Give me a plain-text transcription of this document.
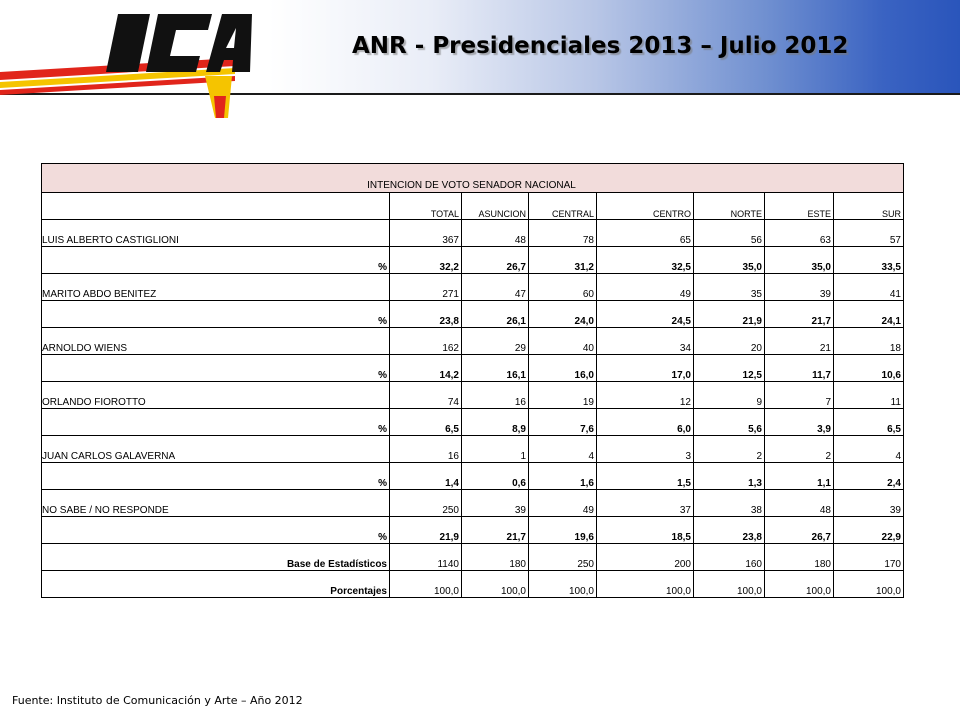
ANR - Presidenciales 2013 – Julio 2012
INTENCION DE VOTO SENADOR NACIONAL							
	TOTAL	ASUNCION	CENTRAL	CENTRO	NORTE	ESTE	SUR
LUIS ALBERTO CASTIGLIONI	367	48	78	65	56	63	57
%	32,2	26,7	31,2	32,5	35,0	35,0	33,5
MARITO ABDO BENITEZ	271	47	60	49	35	39	41
%	23,8	26,1	24,0	24,5	21,9	21,7	24,1
ARNOLDO WIENS	162	29	40	34	20	21	18
%	14,2	16,1	16,0	17,0	12,5	11,7	10,6
ORLANDO FIOROTTO	74	16	19	12	9	7	11
%	6,5	8,9	7,6	6,0	5,6	3,9	6,5
JUAN CARLOS GALAVERNA	16	1	4	3	2	2	4
%	1,4	0,6	1,6	1,5	1,3	1,1	2,4
NO SABE / NO RESPONDE	250	39	49	37	38	48	39
%	21,9	21,7	19,6	18,5	23,8	26,7	22,9
Base de Estadísticos	1140	180	250	200	160	180	170
Porcentajes	100,0	100,0	100,0	100,0	100,0	100,0	100,0
Fuente: Instituto de Comunicación y Arte – Año 2012
